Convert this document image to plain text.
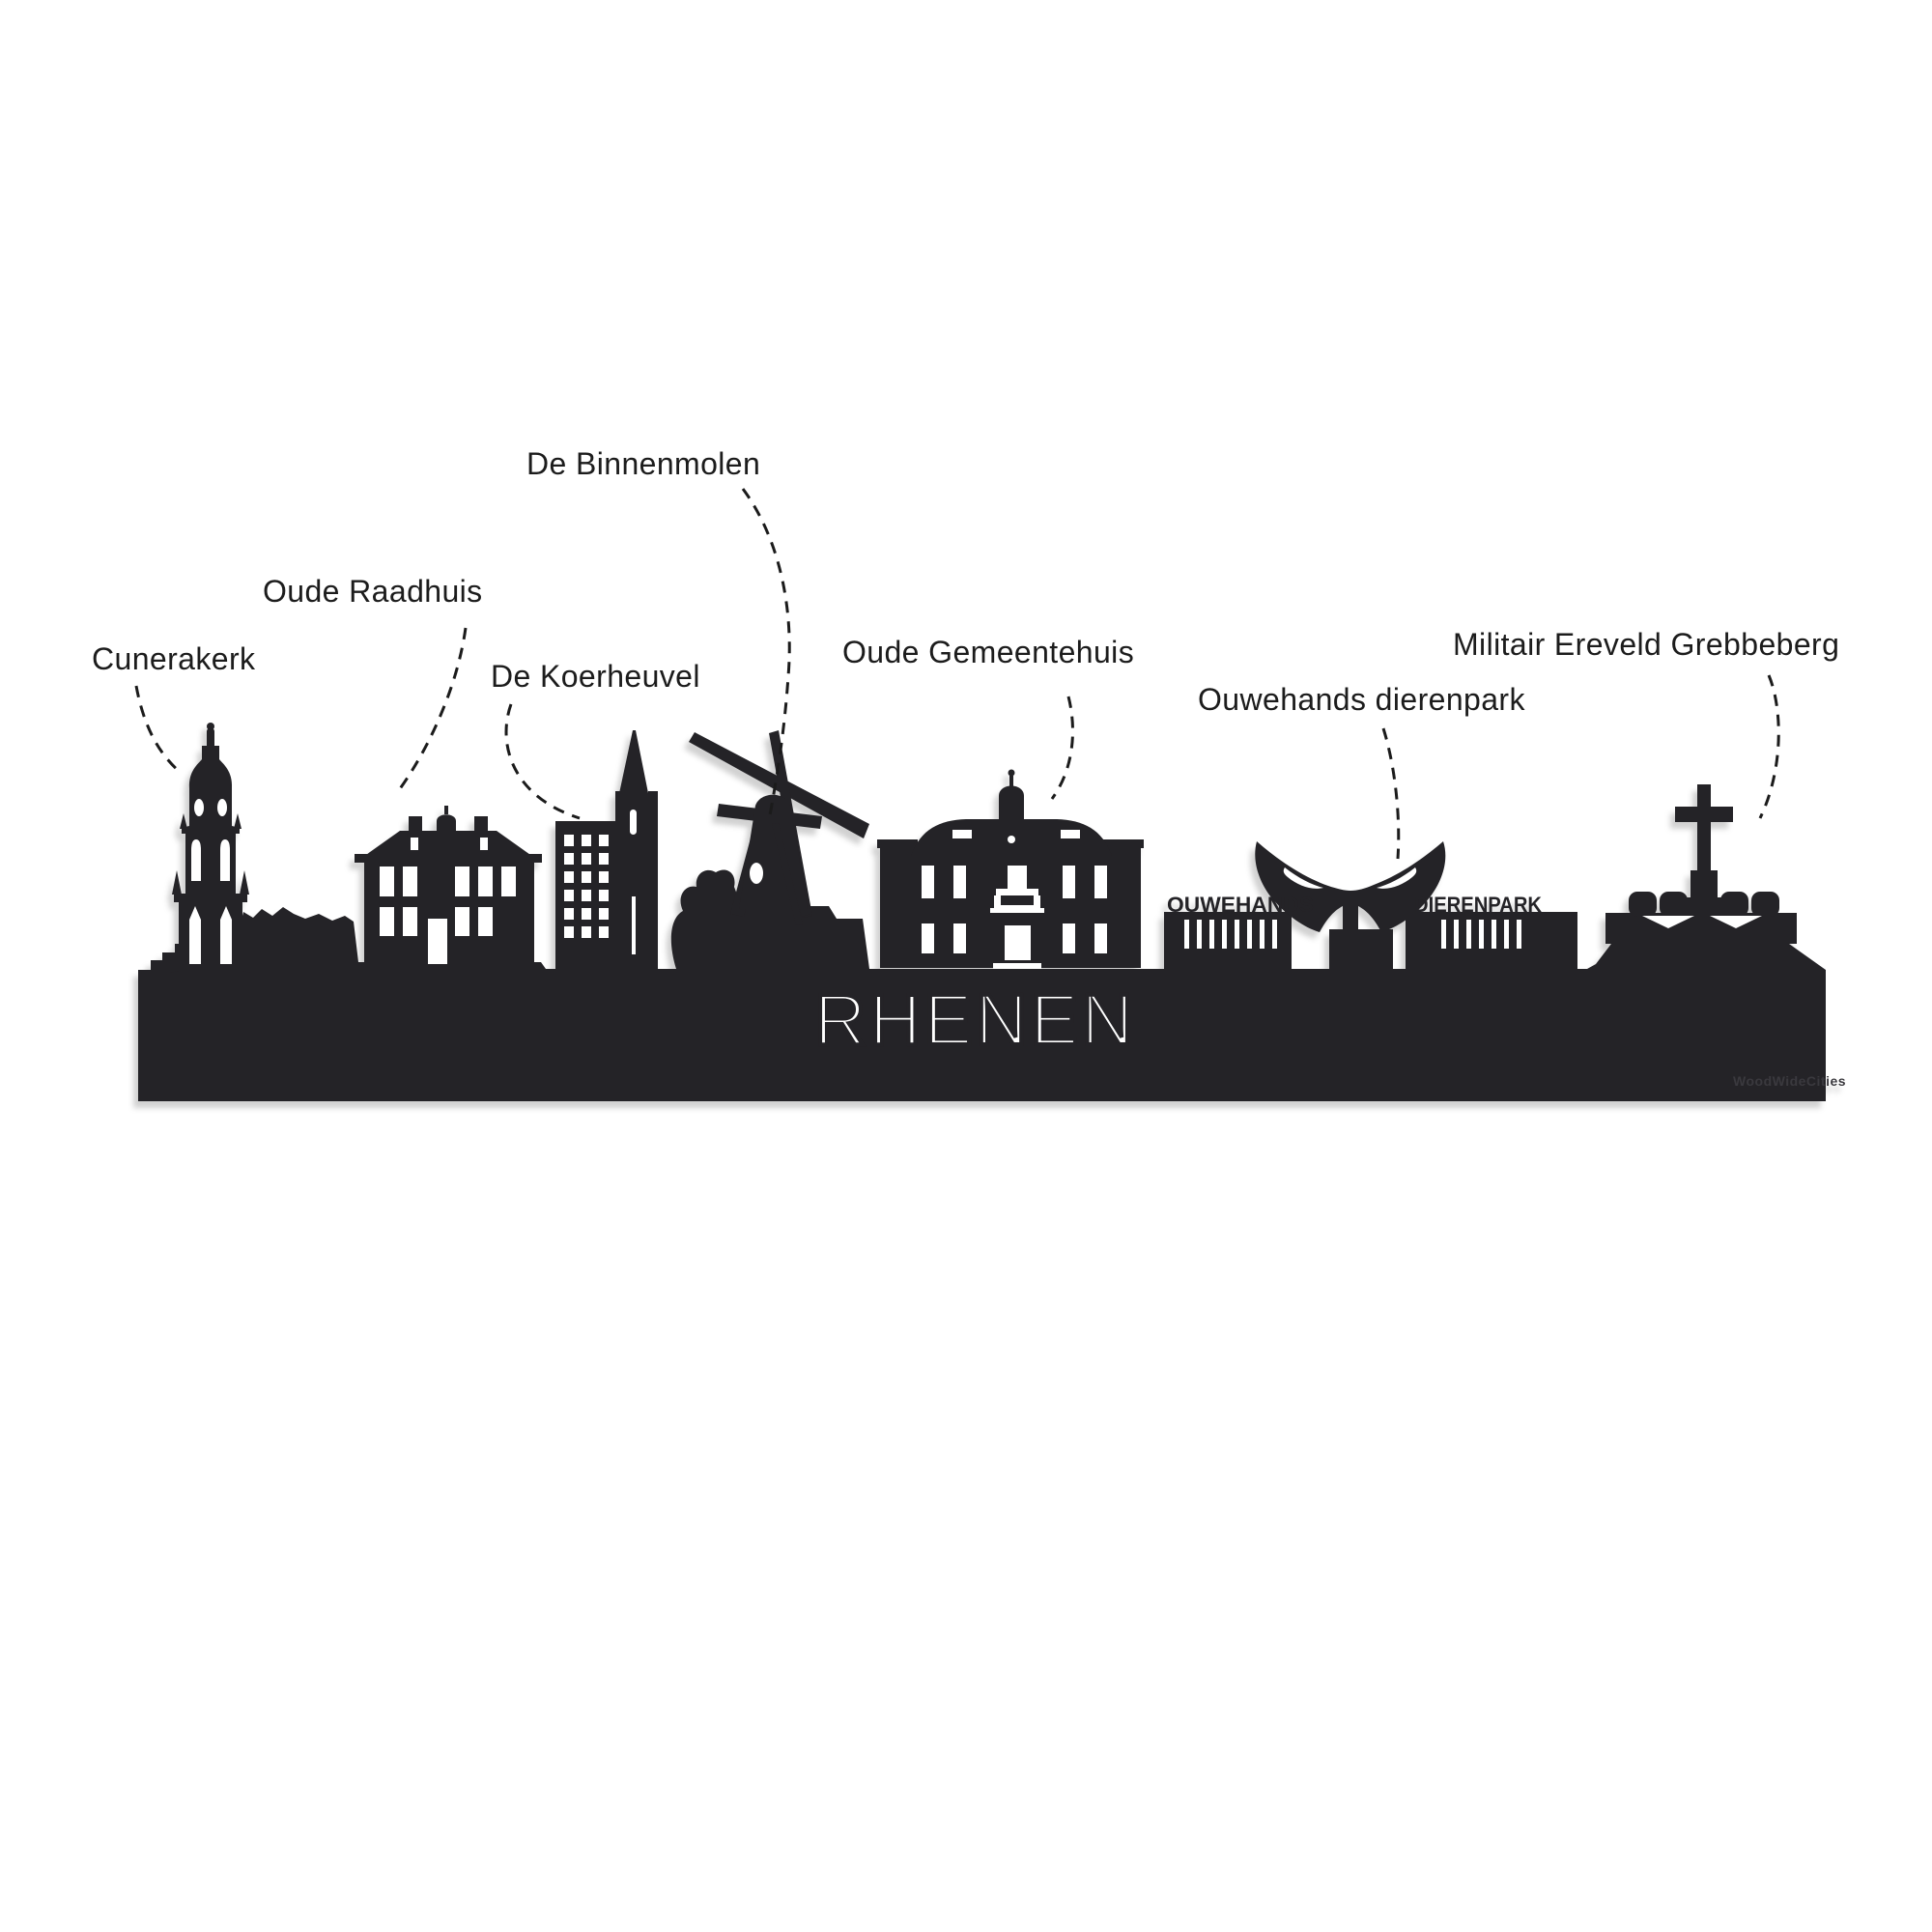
OUWEHANDS	DIERENPARK
RHENEN
WoodWideCities
Cunerakerk
Oude Raadhuis
De Koerheuvel
De Binnenmolen
Oude Gemeentehuis
Ouwehands dierenpark
Militair Ereveld Grebbeberg
